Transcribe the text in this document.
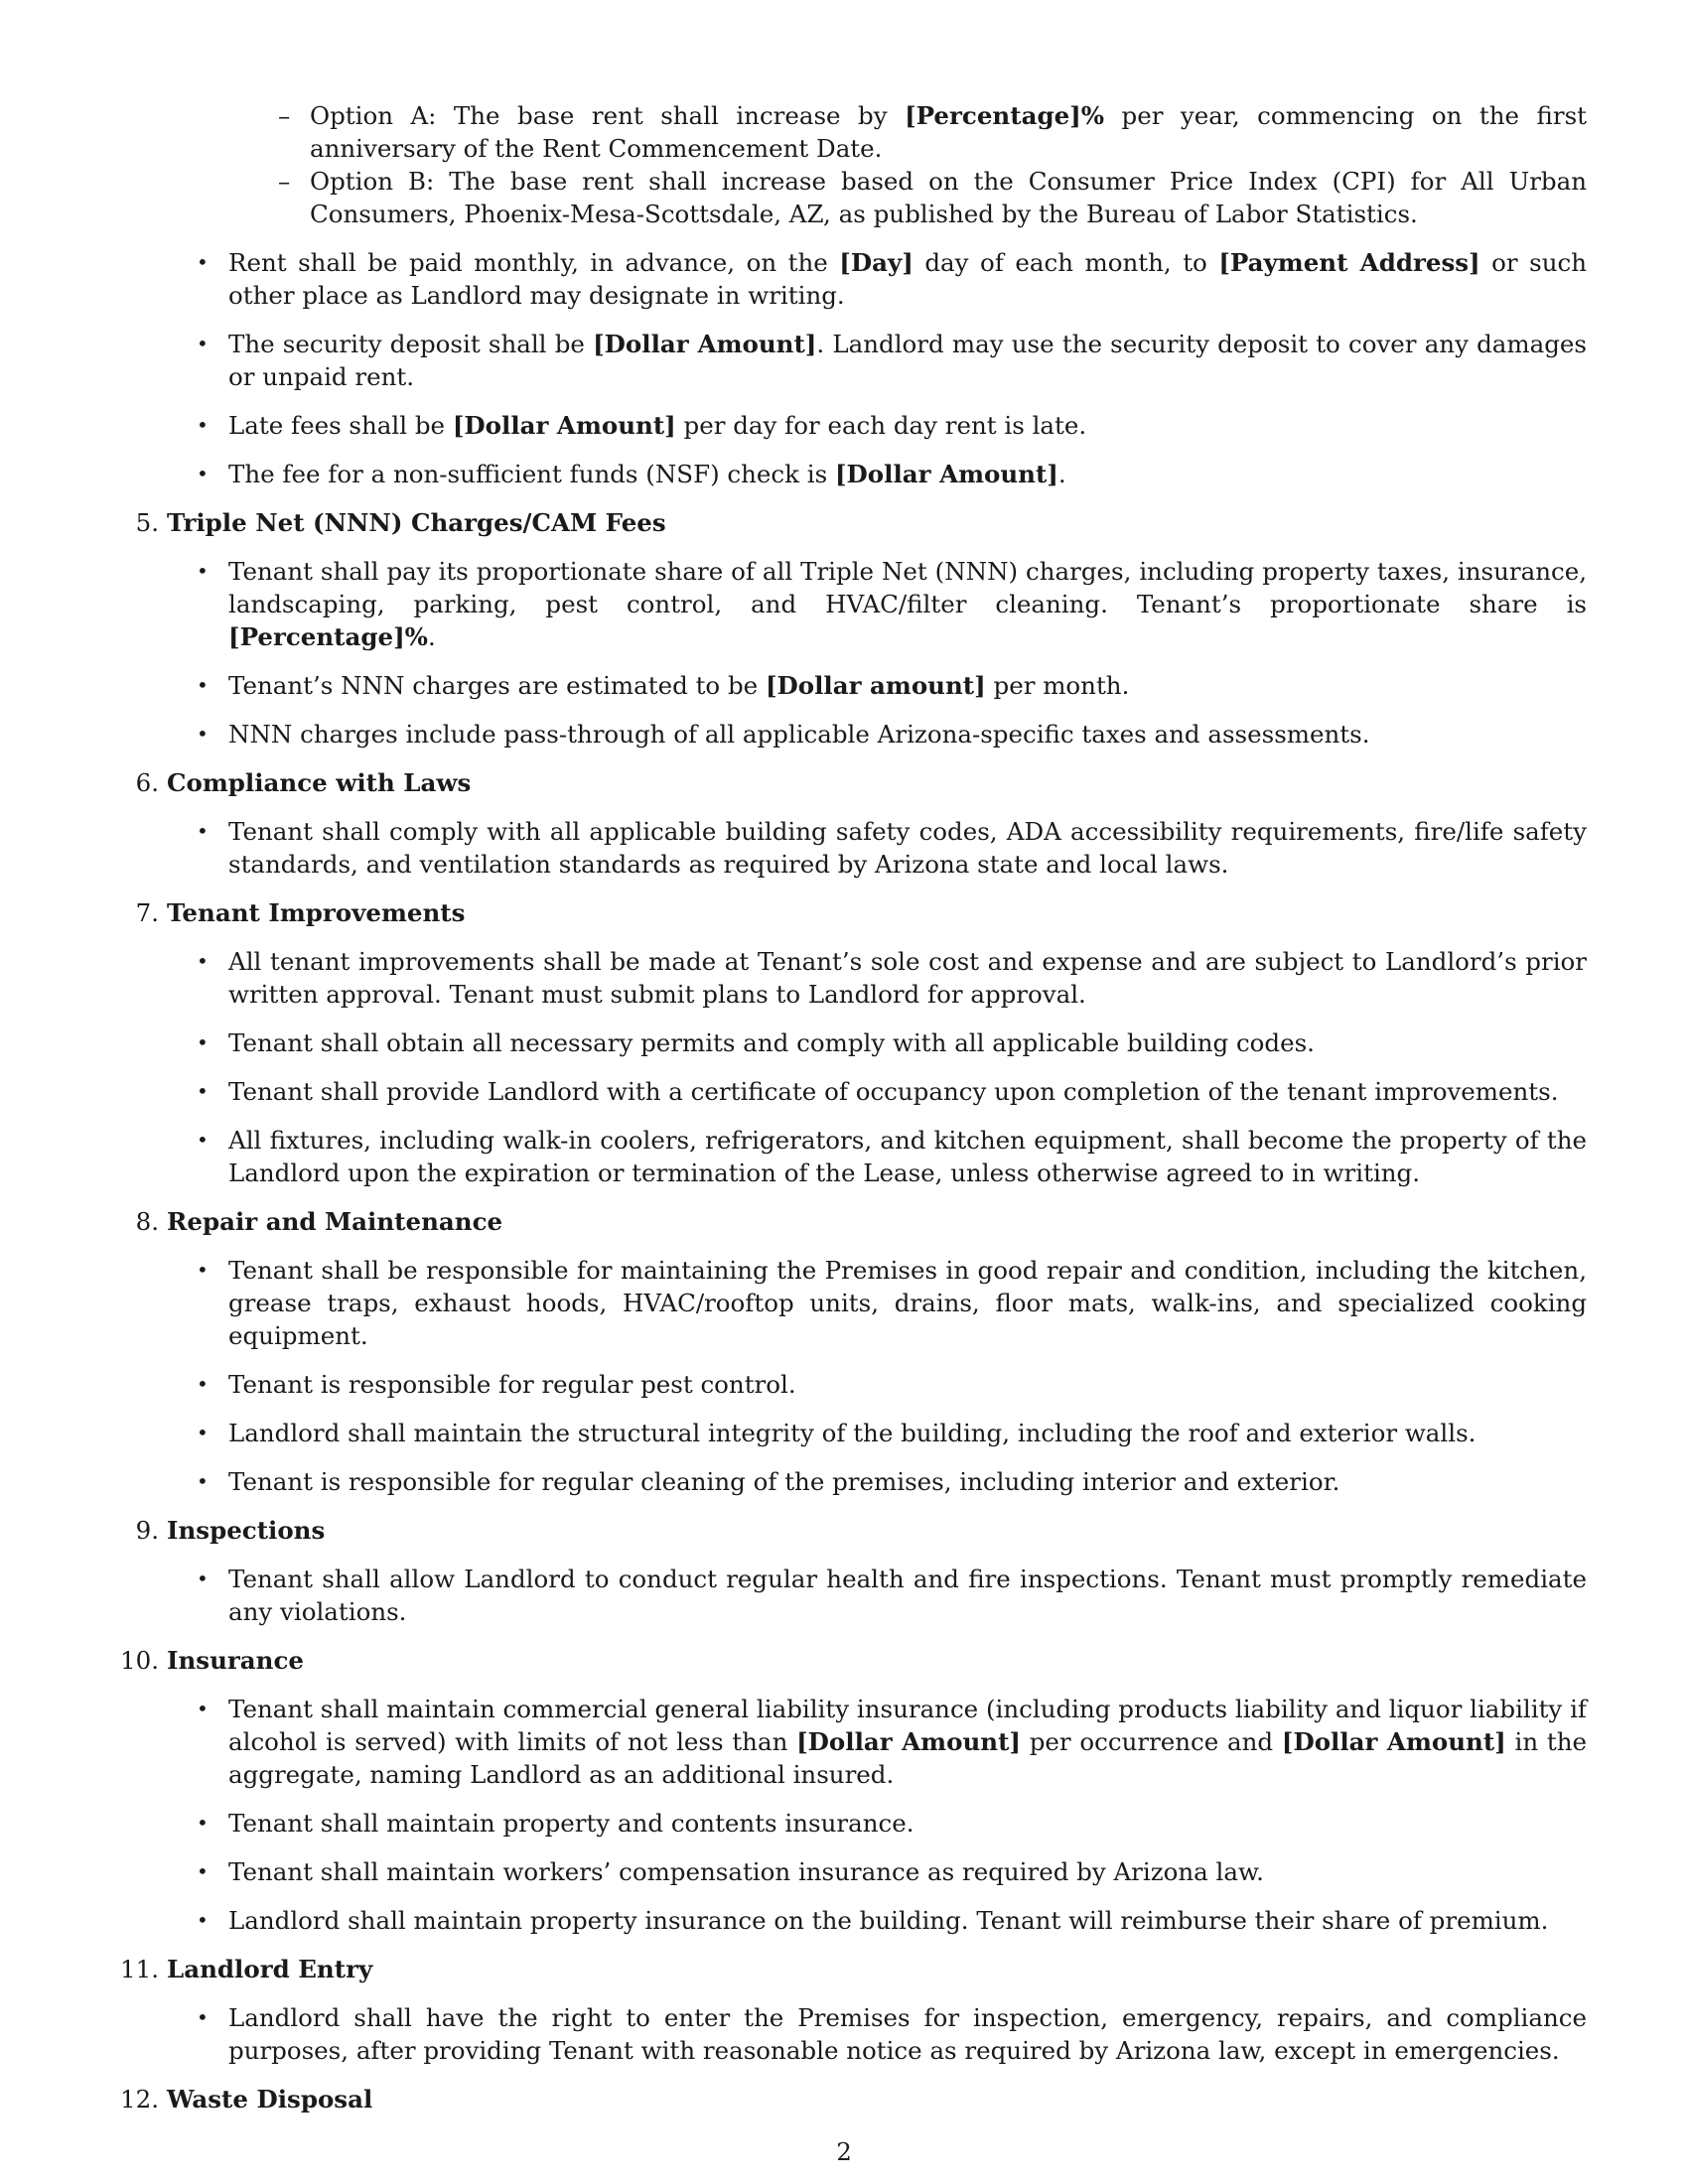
– Option A: The base rent shall increase by [Percentage]% per year, commencing on the first anniversary of the Rent Commencement Date.
– Option B: The base rent shall increase based on the Consumer Price Index (CPI) for All Urban Consumers, Phoenix-Mesa-Scottsdale, AZ, as published by the Bureau of Labor Statistics.
• Rent shall be paid monthly, in advance, on the [Day] day of each month, to [Payment Address] or such other place as Landlord may designate in writing.
• The security deposit shall be [Dollar Amount]. Landlord may use the security deposit to cover any damages or unpaid rent.
• Late fees shall be [Dollar Amount] per day for each day rent is late.
• The fee for a non-sufficient funds (NSF) check is [Dollar Amount].
5. Triple Net (NNN) Charges/CAM Fees
• Tenant shall pay its proportionate share of all Triple Net (NNN) charges, including property taxes, insurance, landscaping, parking, pest control, and HVAC/filter cleaning. Tenant’s proportionate share is [Percentage]%.
• Tenant’s NNN charges are estimated to be [Dollar amount] per month.
• NNN charges include pass-through of all applicable Arizona-specific taxes and assessments.
6. Compliance with Laws
• Tenant shall comply with all applicable building safety codes, ADA accessibility requirements, fire/life safety standards, and ventilation standards as required by Arizona state and local laws.
7. Tenant Improvements
• All tenant improvements shall be made at Tenant’s sole cost and expense and are subject to Landlord’s prior written approval. Tenant must submit plans to Landlord for approval.
• Tenant shall obtain all necessary permits and comply with all applicable building codes.
• Tenant shall provide Landlord with a certificate of occupancy upon completion of the tenant improvements.
• All fixtures, including walk-in coolers, refrigerators, and kitchen equipment, shall become the property of the Landlord upon the expiration or termination of the Lease, unless otherwise agreed to in writing.
8. Repair and Maintenance
• Tenant shall be responsible for maintaining the Premises in good repair and condition, including the kitchen, grease traps, exhaust hoods, HVAC/rooftop units, drains, floor mats, walk-ins, and specialized cooking equipment.
• Tenant is responsible for regular pest control.
• Landlord shall maintain the structural integrity of the building, including the roof and exterior walls.
• Tenant is responsible for regular cleaning of the premises, including interior and exterior.
9. Inspections
• Tenant shall allow Landlord to conduct regular health and fire inspections. Tenant must promptly remediate any violations.
10. Insurance
• Tenant shall maintain commercial general liability insurance (including products liability and liquor liability if alcohol is served) with limits of not less than [Dollar Amount] per occurrence and [Dollar Amount] in the aggregate, naming Landlord as an additional insured.
• Tenant shall maintain property and contents insurance.
• Tenant shall maintain workers’ compensation insurance as required by Arizona law.
• Landlord shall maintain property insurance on the building. Tenant will reimburse their share of premium.
11. Landlord Entry
• Landlord shall have the right to enter the Premises for inspection, emergency, repairs, and compliance purposes, after providing Tenant with reasonable notice as required by Arizona law, except in emergencies.
12. Waste Disposal
2
